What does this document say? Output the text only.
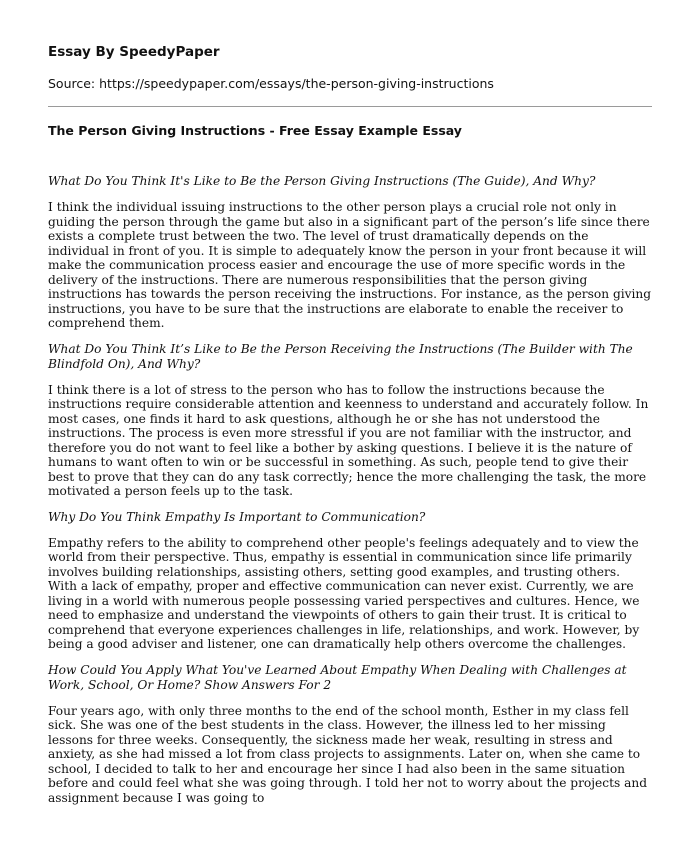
Essay By SpeedyPaper
Source: https://speedypaper.com/essays/the-person-giving-instructions
The Person Giving Instructions - Free Essay Example Essay
What Do You Think It's Like to Be the Person Giving Instructions (The Guide), And Why?
I think the individual issuing instructions to the other person plays a crucial role not only in guiding the person through the game but also in a significant part of the person’s life since there exists a complete trust between the two. The level of trust dramatically depends on the individual in front of you. It is simple to adequately know the person in your front because it will make the communication process easier and encourage the use of more specific words in the delivery of the instructions. There are numerous responsibilities that the person giving instructions has towards the person receiving the instructions. For instance, as the person giving instructions, you have to be sure that the instructions are elaborate to enable the receiver to comprehend them.
What Do You Think It’s Like to Be the Person Receiving the Instructions (The Builder with The Blindfold On), And Why?
I think there is a lot of stress to the person who has to follow the instructions because the instructions require considerable attention and keenness to understand and accurately follow. In most cases, one finds it hard to ask questions, although he or she has not understood the instructions. The process is even more stressful if you are not familiar with the instructor, and therefore you do not want to feel like a bother by asking questions. I believe it is the nature of humans to want often to win or be successful in something. As such, people tend to give their best to prove that they can do any task correctly; hence the more challenging the task, the more motivated a person feels up to the task.
Why Do You Think Empathy Is Important to Communication?
Empathy refers to the ability to comprehend other people's feelings adequately and to view the world from their perspective. Thus, empathy is essential in communication since life primarily involves building relationships, assisting others, setting good examples, and trusting others. With a lack of empathy, proper and effective communication can never exist. Currently, we are living in a world with numerous people possessing varied perspectives and cultures. Hence, we need to emphasize and understand the viewpoints of others to gain their trust. It is critical to comprehend that everyone experiences challenges in life, relationships, and work. However, by being a good adviser and listener, one can dramatically help others overcome the challenges.
How Could You Apply What You've Learned About Empathy When Dealing with Challenges at Work, School, Or Home? Show Answers For 2
Four years ago, with only three months to the end of the school month, Esther in my class fell sick. She was one of the best students in the class. However, the illness led to her missing lessons for three weeks. Consequently, the sickness made her weak, resulting in stress and anxiety, as she had missed a lot from class projects to assignments. Later on, when she came to school, I decided to talk to her and encourage her since I had also been in the same situation before and could feel what she was going through. I told her not to worry about the projects and assignment because I was going to
